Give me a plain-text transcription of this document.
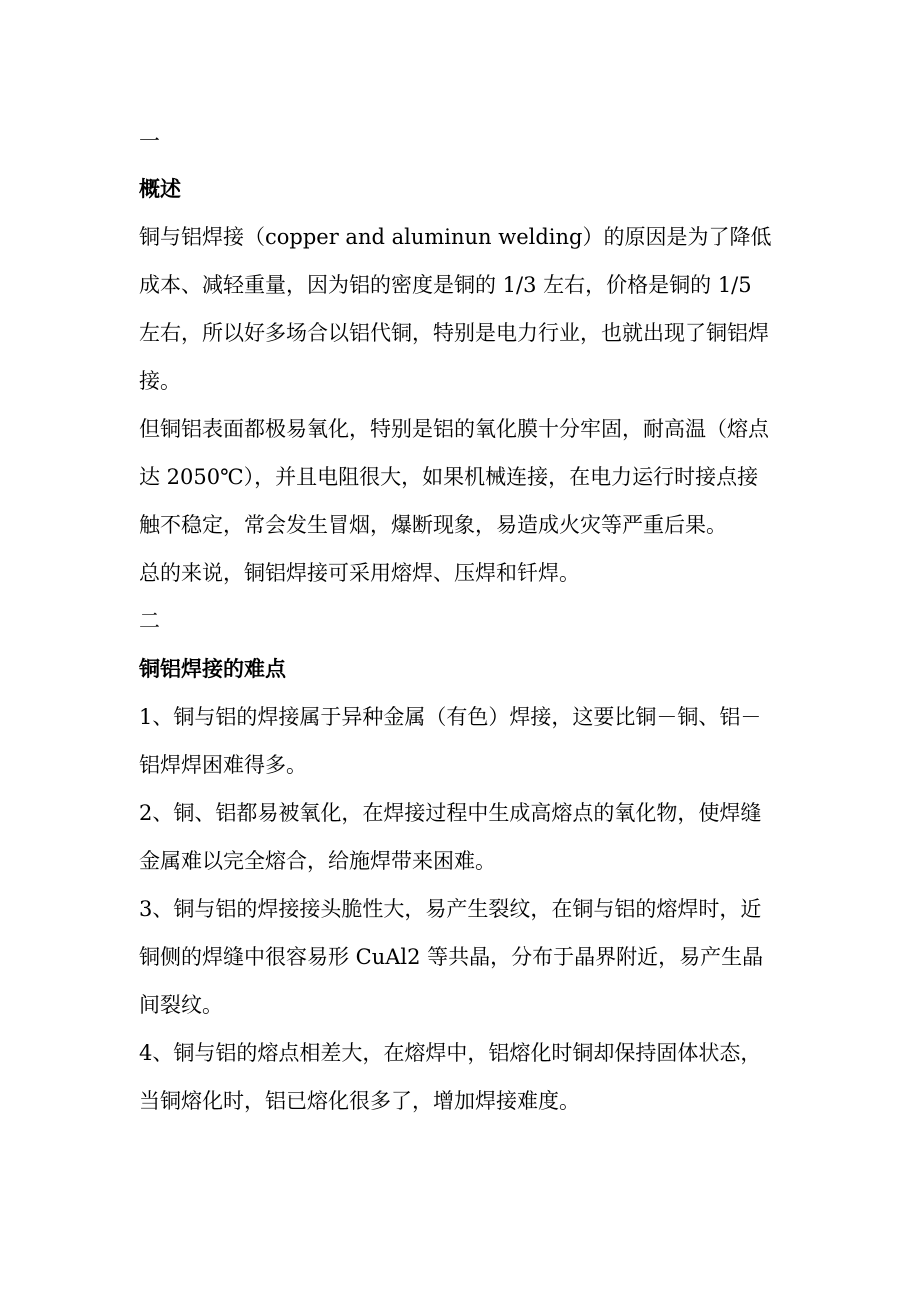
一

概述

铜与铝焊接（copper and aluminun welding）的原因是为了降低成本、减轻重量，因为铝的密度是铜的 1/3 左右，价格是铜的 1/5 左右，所以好多场合以铝代铜，特别是电力行业，也就出现了铜铝焊接。

但铜铝表面都极易氧化，特别是铝的氧化膜十分牢固，耐高温（熔点达 2050℃），并且电阻很大，如果机械连接，在电力运行时接点接触不稳定，常会发生冒烟，爆断现象，易造成火灾等严重后果。

总的来说，铜铝焊接可采用熔焊、压焊和钎焊。

二

铜铝焊接的难点

1、铜与铝的焊接属于异种金属（有色）焊接，这要比铜－铜、铝－铝焊焊困难得多。

2、铜、铝都易被氧化，在焊接过程中生成高熔点的氧化物，使焊缝金属难以完全熔合，给施焊带来困难。

3、铜与铝的焊接接头脆性大，易产生裂纹，在铜与铝的熔焊时，近铜侧的焊缝中很容易形 CuAl2 等共晶，分布于晶界附近，易产生晶间裂纹。

4、铜与铝的熔点相差大，在熔焊中，铝熔化时铜却保持固体状态，当铜熔化时，铝已熔化很多了，增加焊接难度。
